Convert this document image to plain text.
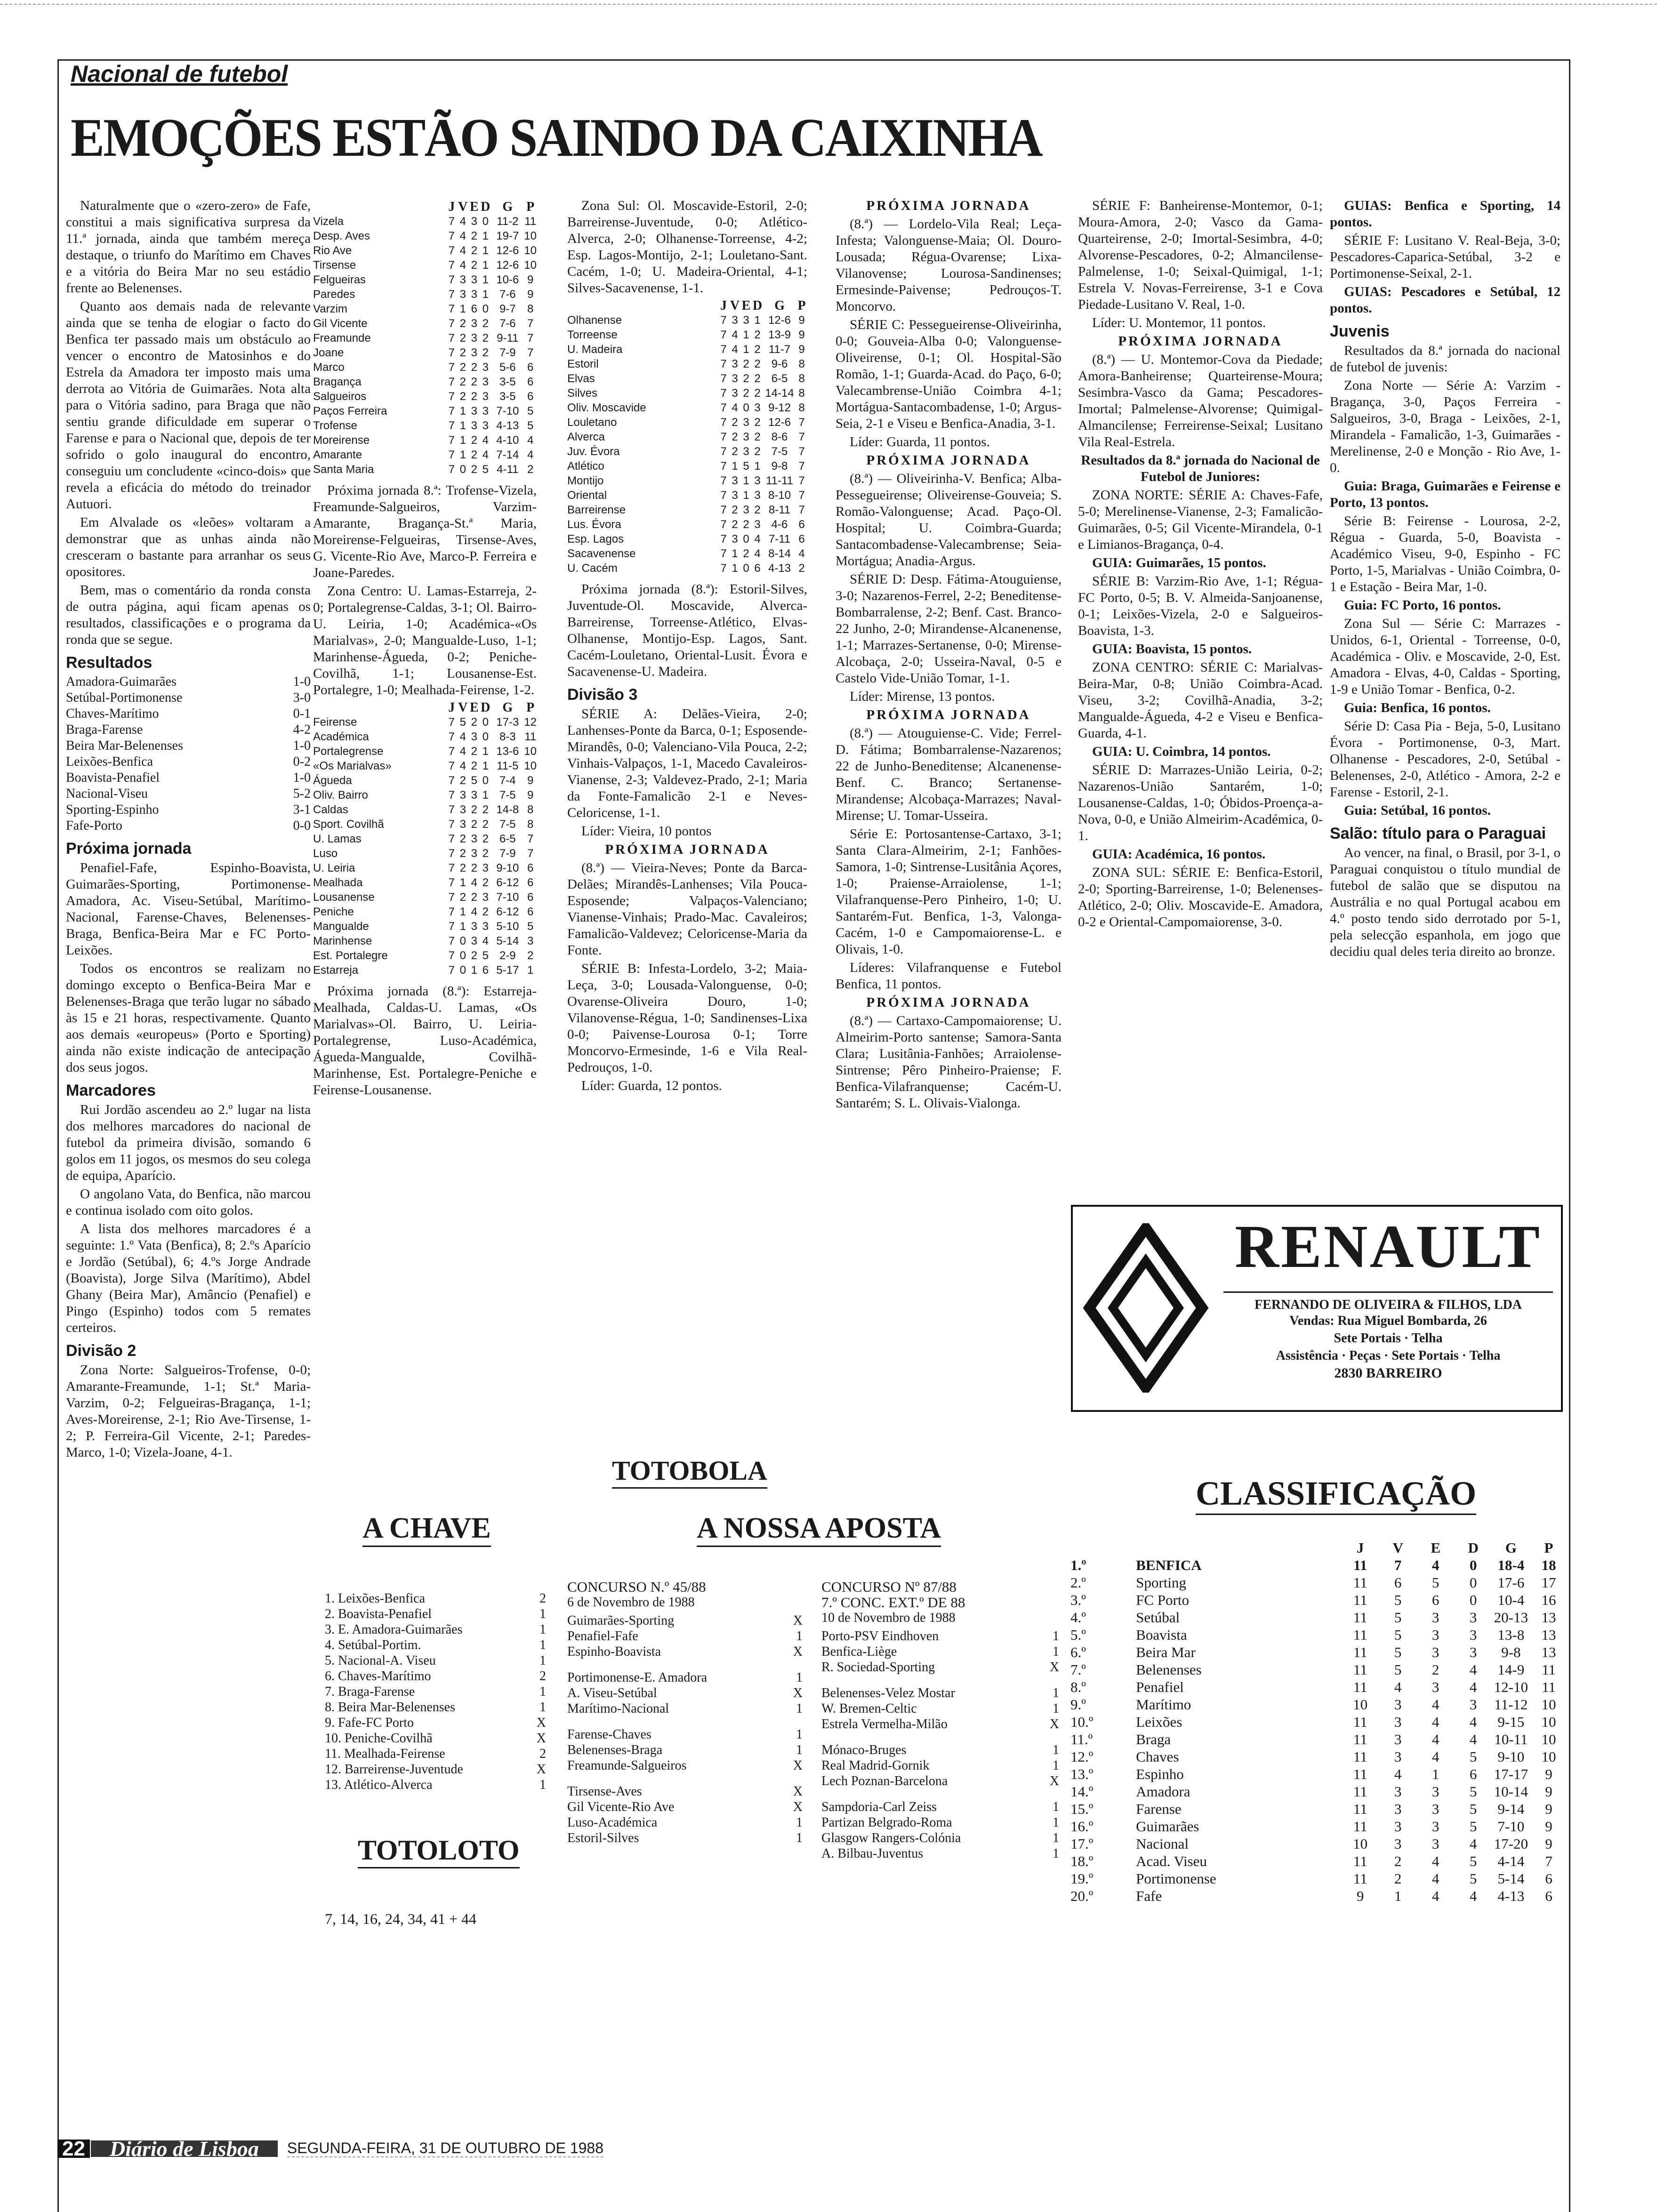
Nacional de futebol
EMOÇÕES ESTÃO SAINDO DA CAIXINHA

Naturalmente que o «zero-zero» de Fafe, constitui a mais significativa surpresa da 11.ª jornada, ainda que também mereça destaque, o triunfo do Marítimo em Chaves e a vitória do Beira Mar no seu estádio frente ao Belenenses.

Quanto aos demais nada de relevante ainda que se tenha de elogiar o facto do Benfica ter passado mais um obstáculo ao vencer o encontro de Matosinhos e do Estrela da Amadora ter imposto mais uma derrota ao Vitória de Guimarães. Nota alta para o Vitória sadino, para Braga que não sentiu grande dificuldade em superar o Farense e para o Nacional que, depois de ter sofrido o golo inaugural do encontro, conseguiu um concludente «cinco-dois» que revela a eficácia do método do treinador Autuori.

Em Alvalade os «leões» voltaram a demonstrar que as unhas ainda não cresceram o bastante para arranhar os seus opositores.

Bem, mas o comentário da ronda consta de outra página, aqui ficam apenas os resultados, classificações e o programa da ronda que se segue.

Resultados
Amadora-Guimarães	1-0
Setúbal-Portimonense	3-0
Chaves-Marítimo	0-1
Braga-Farense	4-2
Beira Mar-Belenenses	1-0
Leixões-Benfica	0-2
Boavista-Penafiel	1-0
Nacional-Viseu	5-2
Sporting-Espinho	3-1
Fafe-Porto	0-0
Próxima jornada

Penafiel-Fafe, Espinho-Boavista, Guimarães-Sporting, Portimonense-Amadora, Ac. Viseu-Setúbal, Marítimo-Nacional, Farense-Chaves, Belenenses-Braga, Benfica-Beira Mar e FC Porto-Leixões.

Todos os encontros se realizam no domingo excepto o Benfica-Beira Mar e Belenenses-Braga que terão lugar no sábado às 15 e 21 horas, respectivamente. Quanto aos demais «europeus» (Porto e Sporting) ainda não existe indicação de antecipação dos seus jogos.

Marcadores

Rui Jordão ascendeu ao 2.º lugar na lista dos melhores marcadores do nacional de futebol da primeira divisão, somando 6 golos em 11 jogos, os mesmos do seu colega de equipa, Aparício.

O angolano Vata, do Benfica, não marcou e continua isolado com oito golos.

A lista dos melhores marcadores é a seguinte: 1.º Vata (Benfica), 8; 2.ºs Aparício e Jordão (Setúbal), 6; 4.ºs Jorge Andrade (Boavista), Jorge Silva (Marítimo), Abdel Ghany (Beira Mar), Amâncio (Penafiel) e Pingo (Espinho) todos com 5 remates certeiros.

Divisão 2

Zona Norte: Salgueiros-Trofense, 0-0; Amarante-Freamunde, 1-1; St.ª Maria-Varzim, 0-2; Felgueiras-Bragança, 1-1; Aves-Moreirense, 2-1; Rio Ave-Tirsense, 1-2; P. Ferreira-Gil Vicente, 2-1; Paredes-Marco, 1-0; Vizela-Joane, 4-1.

	J	V	E	D	G	P
Vizela	7	4	3	0	11-2	11
Desp. Aves	7	4	2	1	19-7	10
Rio Ave	7	4	2	1	12-6	10
Tirsense	7	4	2	1	12-6	10
Felgueiras	7	3	3	1	10-6	9
Paredes	7	3	3	1	7-6	9
Varzim	7	1	6	0	9-7	8
Gil Vicente	7	2	3	2	7-6	7
Freamunde	7	2	3	2	9-11	7
Joane	7	2	3	2	7-9	7
Marco	7	2	2	3	5-6	6
Bragança	7	2	2	3	3-5	6
Salgueiros	7	2	2	3	3-5	6
Paços Ferreira	7	1	3	3	7-10	5
Trofense	7	1	3	3	4-13	5
Moreirense	7	1	2	4	4-10	4
Amarante	7	1	2	4	7-14	4
Santa Maria	7	0	2	5	4-11	2

Próxima jornada 8.ª: Trofense-Vizela, Freamunde-Salgueiros, Varzim-Amarante, Bragança-St.ª Maria, Moreirense-Felgueiras, Tirsense-Aves, G. Vicente-Rio Ave, Marco-P. Ferreira e Joane-Paredes.

Zona Centro: U. Lamas-Estarreja, 2-0; Portalegrense-Caldas, 3-1; Ol. Bairro-U. Leiria, 1-0; Académica-«Os Marialvas», 2-0; Mangualde-Luso, 1-1; Marinhense-Águeda, 0-2; Peniche-Covilhã, 1-1; Lousanense-Est. Portalegre, 1-0; Mealhada-Feirense, 1-2.

	J	V	E	D	G	P
Feirense	7	5	2	0	17-3	12
Académica	7	4	3	0	8-3	11
Portalegrense	7	4	2	1	13-6	10
«Os Marialvas»	7	4	2	1	11-5	10
Águeda	7	2	5	0	7-4	9
Oliv. Bairro	7	3	3	1	7-5	9
Caldas	7	3	2	2	14-8	8
Sport. Covilhã	7	3	2	2	7-5	8
U. Lamas	7	2	3	2	6-5	7
Luso	7	2	3	2	7-9	7
U. Leiria	7	2	2	3	9-10	6
Mealhada	7	1	4	2	6-12	6
Lousanense	7	2	2	3	7-10	6
Peniche	7	1	4	2	6-12	6
Mangualde	7	1	3	3	5-10	5
Marinhense	7	0	3	4	5-14	3
Est. Portalegre	7	0	2	5	2-9	2
Estarreja	7	0	1	6	5-17	1

Próxima jornada (8.ª): Estarreja-Mealhada, Caldas-U. Lamas, «Os Marialvas»-Ol. Bairro, U. Leiria-Portalegrense, Luso-Académica, Águeda-Mangualde, Covilhã-Marinhense, Est. Portalegre-Peniche e Feirense-Lousanense.

Zona Sul: Ol. Moscavide-Estoril, 2-0; Barreirense-Juventude, 0-0; Atlético-Alverca, 2-0; Olhanense-Torreense, 4-2; Esp. Lagos-Montijo, 2-1; Louletano-Sant. Cacém, 1-0; U. Madeira-Oriental, 4-1; Silves-Sacavenense, 1-1.

	J	V	E	D	G	P
Olhanense	7	3	3	1	12-6	9
Torreense	7	4	1	2	13-9	9
U. Madeira	7	4	1	2	11-7	9
Estoril	7	3	2	2	9-6	8
Elvas	7	3	2	2	6-5	8
Silves	7	3	2	2	14-14	8
Oliv. Moscavide	7	4	0	3	9-12	8
Louletano	7	2	3	2	12-6	7
Alverca	7	2	3	2	8-6	7
Juv. Évora	7	2	3	2	7-5	7
Atlético	7	1	5	1	9-8	7
Montijo	7	3	1	3	11-11	7
Oriental	7	3	1	3	8-10	7
Barreirense	7	2	3	2	8-11	7
Lus. Évora	7	2	2	3	4-6	6
Esp. Lagos	7	3	0	4	7-11	6
Sacavenense	7	1	2	4	8-14	4
U. Cacém	7	1	0	6	4-13	2

Próxima jornada (8.ª): Estoril-Silves, Juventude-Ol. Moscavide, Alverca-Barreirense, Torreense-Atlético, Elvas-Olhanense, Montijo-Esp. Lagos, Sant. Cacém-Louletano, Oriental-Lusit. Évora e Sacavenense-U. Madeira.

Divisão 3

SÉRIE A: Delães-Vieira, 2-0; Lanhenses-Ponte da Barca, 0-1; Esposende-Mirandês, 0-0; Valenciano-Vila Pouca, 2-2; Vinhais-Valpaços, 1-1, Macedo Cavaleiros-Vianense, 2-3; Valdevez-Prado, 2-1; Maria da Fonte-Famalicão 2-1 e Neves-Celoricense, 1-1.

Líder: Vieira, 10 pontos

PRÓXIMA JORNADA

(8.ª) — Vieira-Neves; Ponte da Barca-Delães; Mirandês-Lanhenses; Vila Pouca-Esposende; Valpaços-Valenciano; Vianense-Vinhais; Prado-Mac. Cavaleiros; Famalicão-Valdevez; Celoricense-Maria da Fonte.

SÉRIE B: Infesta-Lordelo, 3-2; Maia-Leça, 3-0; Lousada-Valonguense, 0-0; Ovarense-Oliveira Douro, 1-0; Vilanovense-Régua, 1-0; Sandinenses-Lixa 0-0; Paivense-Lourosa 0-1; Torre Moncorvo-Ermesinde, 1-6 e Vila Real-Pedrouços, 1-0.

Líder: Guarda, 12 pontos.

PRÓXIMA JORNADA

(8.ª) — Lordelo-Vila Real; Leça-Infesta; Valonguense-Maia; Ol. Douro-Lousada; Régua-Ovarense; Lixa-Vilanovense; Lourosa-Sandinenses; Ermesinde-Paivense; Pedrouços-T. Moncorvo.

SÉRIE C: Pessegueirense-Oliveirinha, 0-0; Gouveia-Alba 0-0; Valonguense-Oliveirense, 0-1; Ol. Hospital-São Romão, 1-1; Guarda-Acad. do Paço, 6-0; Valecambrense-União Coimbra 4-1; Mortágua-Santacombadense, 1-0; Argus-Seia, 2-1 e Viseu e Benfica-Anadia, 3-1.

Líder: Guarda, 11 pontos.

PRÓXIMA JORNADA

(8.ª) — Oliveirinha-V. Benfica; Alba-Pessegueirense; Oliveirense-Gouveia; S. Romão-Valonguense; Acad. Paço-Ol. Hospital; U. Coimbra-Guarda; Santacombadense-Valecambrense; Seia-Mortágua; Anadia-Argus.

SÉRIE D: Desp. Fátima-Atouguiense, 3-0; Nazarenos-Ferrel, 2-2; Beneditense-Bombarralense, 2-2; Benf. Cast. Branco-22 Junho, 2-0; Mirandense-Alcanenense, 1-1; Marrazes-Sertanense, 0-0; Mirense-Alcobaça, 2-0; Usseira-Naval, 0-5 e Castelo Vide-União Tomar, 1-1.

Líder: Mirense, 13 pontos.

PRÓXIMA JORNADA

(8.ª) — Atouguiense-C. Vide; Ferrel-D. Fátima; Bombarralense-Nazarenos; 22 de Junho-Beneditense; Alcanenense-Benf. C. Branco; Sertanense-Mirandense; Alcobaça-Marrazes; Naval-Mirense; U. Tomar-Usseira.

Série E: Portosantense-Cartaxo, 3-1; Santa Clara-Almeirim, 2-1; Fanhões-Samora, 1-0; Sintrense-Lusitânia Açores, 1-0; Praiense-Arraiolense, 1-1; Vilafranquense-Pero Pinheiro, 1-0; U. Santarém-Fut. Benfica, 1-3, Valonga-Cacém, 1-0 e Campomaiorense-L. e Olivais, 1-0.

Líderes: Vilafranquense e Futebol Benfica, 11 pontos.

PRÓXIMA JORNADA

(8.ª) — Cartaxo-Campomaiorense; U. Almeirim-Porto santense; Samora-Santa Clara; Lusitânia-Fanhões; Arraiolense-Sintrense; Pêro Pinheiro-Praiense; F. Benfica-Vilafranquense; Cacém-U. Santarém; S. L. Olivais-Vialonga.

SÉRIE F: Banheirense-Montemor, 0-1; Moura-Amora, 2-0; Vasco da Gama-Quarteirense, 2-0; Imortal-Sesimbra, 4-0; Alvorense-Pescadores, 0-2; Almancilense-Palmelense, 1-0; Seixal-Quimigal, 1-1; Estrela V. Novas-Ferreirense, 3-1 e Cova Piedade-Lusitano V. Real, 1-0.

Líder: U. Montemor, 11 pontos.

PRÓXIMA JORNADA

(8.ª) — U. Montemor-Cova da Piedade; Amora-Banheirense; Quarteirense-Moura; Sesimbra-Vasco da Gama; Pescadores-Imortal; Palmelense-Alvorense; Quimigal-Almancilense; Ferreirense-Seixal; Lusitano Vila Real-Estrela.

Resultados da 8.ª jornada do Nacional de Futebol de Juniores:

ZONA NORTE: SÉRIE A: Chaves-Fafe, 5-0; Merelinense-Vianense, 2-3; Famalicão-Guimarães, 0-5; Gil Vicente-Mirandela, 0-1 e Limianos-Bragança, 0-4.

GUIA: Guimarães, 15 pontos.

SÉRIE B: Varzim-Rio Ave, 1-1; Régua-FC Porto, 0-5; B. V. Almeida-Sanjoanense, 0-1; Leixões-Vizela, 2-0 e Salgueiros-Boavista, 1-3.

GUIA: Boavista, 15 pontos.

ZONA CENTRO: SÉRIE C: Marialvas-Beira-Mar, 0-8; União Coimbra-Acad. Viseu, 3-2; Covilhã-Anadia, 3-2; Mangualde-Águeda, 4-2 e Viseu e Benfica-Guarda, 4-1.

GUIA: U. Coimbra, 14 pontos.

SÉRIE D: Marrazes-União Leiria, 0-2; Nazarenos-União Santarém, 1-0; Lousanense-Caldas, 1-0; Óbidos-Proença-a-Nova, 0-0, e União Almeirim-Académica, 0-1.

GUIA: Académica, 16 pontos.

ZONA SUL: SÉRIE E: Benfica-Estoril, 2-0; Sporting-Barreirense, 1-0; Belenenses-Atlético, 2-0; Oliv. Moscavide-E. Amadora, 0-2 e Oriental-Campomaiorense, 3-0.

GUIAS: Benfica e Sporting, 14 pontos.

SÉRIE F: Lusitano V. Real-Beja, 3-0; Pescadores-Caparica-Setúbal, 3-2 e Portimonense-Seixal, 2-1.

GUIAS: Pescadores e Setúbal, 12 pontos.

Juvenis

Resultados da 8.ª jornada do nacional de futebol de juvenis:

Zona Norte — Série A: Varzim - Bragança, 3-0, Paços Ferreira - Salgueiros, 3-0, Braga - Leixões, 2-1, Mirandela - Famalicão, 1-3, Guimarães - Merelinense, 2-0 e Monção - Rio Ave, 1-0.

Guia: Braga, Guimarães e Feirense e Porto, 13 pontos.

Série B: Feirense - Lourosa, 2-2, Régua - Guarda, 5-0, Boavista - Académico Viseu, 9-0, Espinho - FC Porto, 1-5, Marialvas - União Coimbra, 0-1 e Estação - Beira Mar, 1-0.

Guia: FC Porto, 16 pontos.

Zona Sul — Série C: Marrazes - Unidos, 6-1, Oriental - Torreense, 0-0, Académica - Oliv. e Moscavide, 2-0, Est. Amadora - Elvas, 4-0, Caldas - Sporting, 1-9 e União Tomar - Benfica, 0-2.

Guia: Benfica, 16 pontos.

Série D: Casa Pia - Beja, 5-0, Lusitano Évora - Portimonense, 0-3, Mart. Olhanense - Pescadores, 2-0, Setúbal - Belenenses, 2-0, Atlético - Amora, 2-2 e Farense - Estoril, 2-1.

Guia: Setúbal, 16 pontos.

Salão: título para o Paraguai

Ao vencer, na final, o Brasil, por 3-1, o Paraguai conquistou o título mundial de futebol de salão que se disputou na Austrália e no qual Portugal acabou em 4.º posto tendo sido derrotado por 5-1, pela selecção espanhola, em jogo que decidiu qual deles teria direito ao bronze.

RENAULT
FERNANDO DE OLIVEIRA & FILHOS, LDA
Vendas: Rua Miguel Bombarda, 26
Sete Portais · Telha
Assistência · Peças · Sete Portais · Telha
2830 BARREIRO
TOTOBOLA
A CHAVE	A NOSSA APOSTA
1. Leixões-Benfica	2
2. Boavista-Penafiel	1
3. E. Amadora-Guimarães	1
4. Setúbal-Portim.	1
5. Nacional-A. Viseu	1
6. Chaves-Marítimo	2
7. Braga-Farense	1
8. Beira Mar-Belenenses	1
9. Fafe-FC Porto	X
10. Peniche-Covilhã	X
11. Mealhada-Feirense	2
12. Barreirense-Juventude	X
13. Atlético-Alverca	1
TOTOLOTO
7, 14, 16, 24, 34, 41 + 44
CONCURSO N.º 45/88
6 de Novembro de 1988
Guimarães-Sporting	X
Penafiel-Fafe	1
Espinho-Boavista	X
Portimonense-E. Amadora	1
A. Viseu-Setúbal	X
Marítimo-Nacional	1
Farense-Chaves	1
Belenenses-Braga	1
Freamunde-Salgueiros	X
Tirsense-Aves	X
Gil Vicente-Rio Ave	X
Luso-Académica	1
Estoril-Silves	1
CONCURSO Nº 87/88
7.º CONC. EXT.º DE 88
10 de Novembro de 1988
Porto-PSV Eindhoven	1
Benfica-Liège	1
R. Sociedad-Sporting	X
Belenenses-Velez Mostar	1
W. Bremen-Celtic	1
Estrela Vermelha-Milão	X
Mónaco-Bruges	1
Real Madrid-Gornik	1
Lech Poznan-Barcelona	X
Sampdoria-Carl Zeiss	1
Partizan Belgrado-Roma	1
Glasgow Rangers-Colónia	1
A. Bilbau-Juventus	1
CLASSIFICAÇÃO
		J	V	E	D	G	P
1.º	BENFICA	11	7	4	0	18-4	18
2.º	Sporting	11	6	5	0	17-6	17
3.º	FC Porto	11	5	6	0	10-4	16
4.º	Setúbal	11	5	3	3	20-13	13
5.º	Boavista	11	5	3	3	13-8	13
6.º	Beira Mar	11	5	3	3	9-8	13
7.º	Belenenses	11	5	2	4	14-9	11
8.º	Penafiel	11	4	3	4	12-10	11
9.º	Marítimo	10	3	4	3	11-12	10
10.º	Leixões	11	3	4	4	9-15	10
11.º	Braga	11	3	4	4	10-11	10
12.º	Chaves	11	3	4	5	9-10	10
13.º	Espinho	11	4	1	6	17-17	9
14.º	Amadora	11	3	3	5	10-14	9
15.º	Farense	11	3	3	5	9-14	9
16.º	Guimarães	11	3	3	5	7-10	9
17.º	Nacional	10	3	3	4	17-20	9
18.º	Acad. Viseu	11	2	4	5	4-14	7
19.º	Portimonense	11	2	4	5	5-14	6
20.º	Fafe	9	1	4	4	4-13	6
22	Diário de Lisboa	SEGUNDA-FEIRA, 31 DE OUTUBRO DE 1988
